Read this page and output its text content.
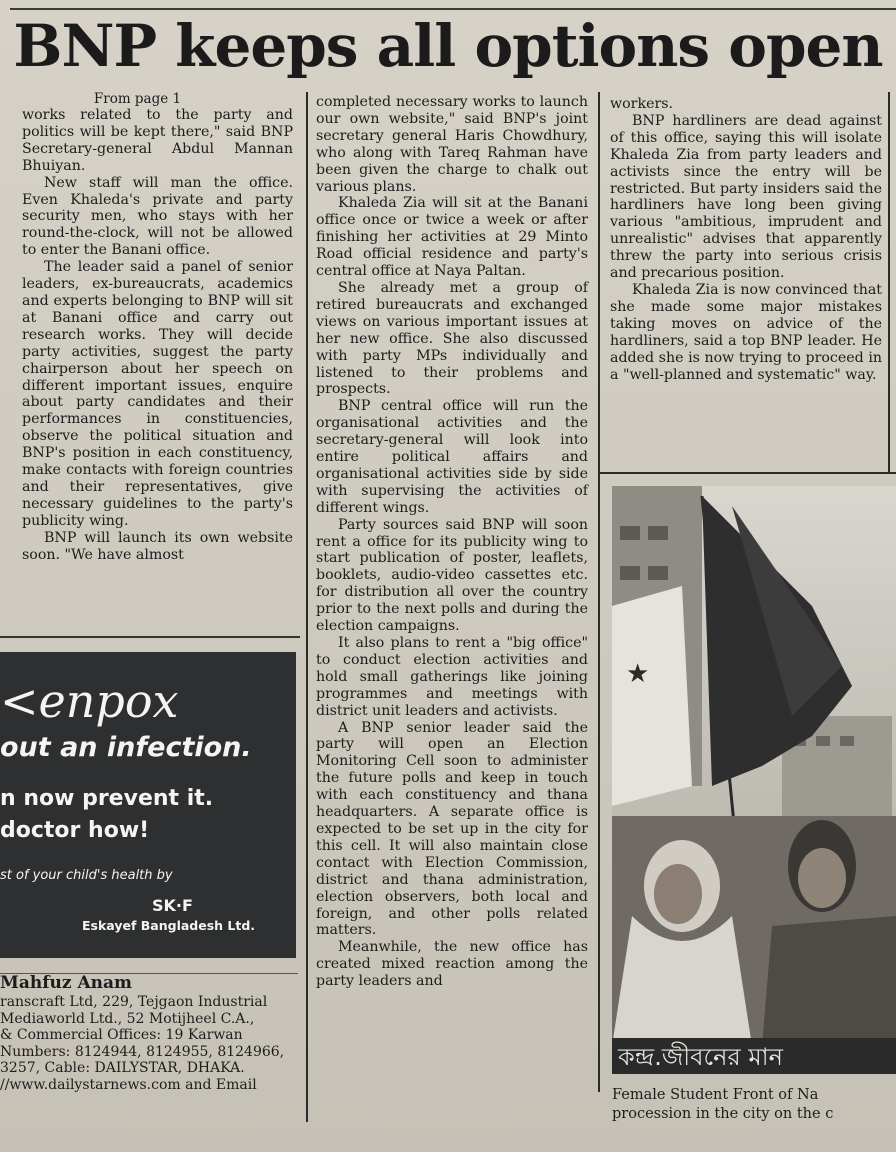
BNP keeps all options open
From page 1

works related to the party and politics will be kept there," said BNP Secretary-general Abdul Mannan Bhuiyan.

New staff will man the office. Even Khaleda's private and party security men, who stays with her round-the-clock, will not be allowed to enter the Banani office.

The leader said a panel of senior leaders, ex-bureaucrats, academics and experts belonging to BNP will sit at Banani office and carry out research works. They will decide party activities, suggest the party chairperson about her speech on different important issues, enquire about party candidates and their performances in constituencies, observe the political situation and BNP's position in each constituency, make contacts with foreign countries and their representatives, give necessary guidelines to the party's publicity wing.

BNP will launch its own website soon. "We have almost

completed necessary works to launch our own website," said BNP's joint secretary general Haris Chowdhury, who along with Tareq Rahman have been given the charge to chalk out various plans.

Khaleda Zia will sit at the Banani office once or twice a week or after finishing her activities at 29 Minto Road official residence and party's central office at Naya Paltan.

She already met a group of retired bureaucrats and exchanged views on various important issues at her new office. She also discussed with party MPs individually and listened to their problems and prospects.

BNP central office will run the organisational activities and the secretary-general will look into entire political affairs and organisational activities side by side with supervising the activities of different wings.

Party sources said BNP will soon rent a office for its publicity wing to start publication of poster, leaflets, booklets, audio-video cassettes etc. for distribution all over the country prior to the next polls and during the election campaigns.

It also plans to rent a "big office" to conduct election activities and hold small gatherings like joining programmes and meetings with district unit leaders and activists.

A BNP senior leader said the party will open an Election Monitoring Cell soon to administer the future polls and keep in touch with each constituency and thana headquarters. A separate office is expected to be set up in the city for this cell. It will also maintain close contact with Election Commission, district and thana administration, election observers, both local and foreign, and other polls related matters.

Meanwhile, the new office has created mixed reaction among the party leaders and

workers.

BNP hardliners are dead against of this office, saying this will isolate Khaleda Zia from party leaders and activists since the entry will be restricted. But party insiders said the hardliners have long been giving various "ambitious, imprudent and unrealistic" advises that apparently threw the party into serious crisis and precarious position.

Khaleda Zia is now convinced that she made some major mistakes taking moves on advice of the hardliners, said a top BNP leader. He added she is now trying to proceed in a "well-planned and systematic" way.

<enpox
out an infection.
n now prevent it.
doctor how!
st of your child's health by
SK·F
Eskayef Bangladesh Ltd.
Mahfuz Anam
ranscraft Ltd, 229, Tejgaon Industrial
Mediaworld Ltd., 52 Motijheel C.A.,
& Commercial Offices: 19 Karwan
Numbers: 8124944, 8124955, 8124966,
3257, Cable: DAILYSTAR, DHAKA.
//www.dailystarnews.com and Email
★
কন্দ্র.জীবনের মান
Female Student Front of Na
procession in the city on the c
